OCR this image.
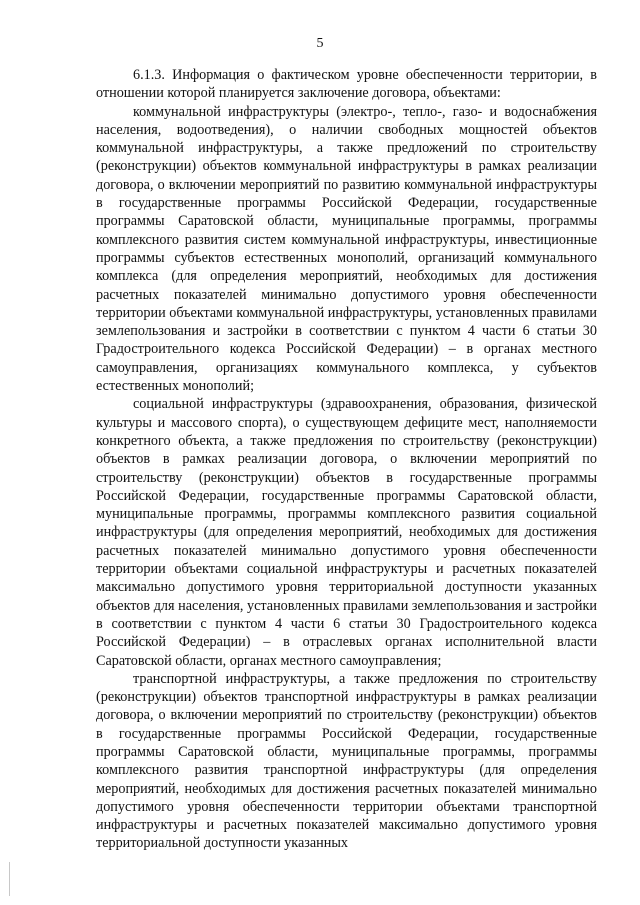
5

6.1.3. Информация о фактическом уровне обеспеченности территории, в отношении которой планируется заключение договора, объектами:

коммунальной инфраструктуры (электро-, тепло-, газо- и водоснабжения населения, водоотведения), о наличии свободных мощностей объектов коммунальной инфраструктуры, а также предложений по строительству (реконструкции) объектов коммунальной инфраструктуры в рамках реализации договора, о включении мероприятий по развитию коммунальной инфраструктуры в государственные программы Российской Федерации, государственные программы Саратовской области, муниципальные программы, программы комплексного развития систем коммунальной инфраструктуры, инвестиционные программы субъектов естественных монополий, организаций коммунального комплекса (для определения мероприятий, необходимых для достижения расчетных показателей минимально допустимого уровня обеспеченности территории объектами коммунальной инфраструктуры, установленных правилами землепользования и застройки в соответствии с пунктом 4 части 6 статьи 30 Градостроительного кодекса Российской Федерации) – в органах местного самоуправления, организациях коммунального комплекса, у субъектов естественных монополий;

социальной инфраструктуры (здравоохранения, образования, физической культуры и массового спорта), о существующем дефиците мест, наполняемости конкретного объекта, а также предложения по строительству (реконструкции) объектов в рамках реализации договора, о включении мероприятий по строительству (реконструкции) объектов в государственные программы Российской Федерации, государственные программы Саратовской области, муниципальные программы, программы комплексного развития социальной инфраструктуры (для определения мероприятий, необходимых для достижения расчетных показателей минимально допустимого уровня обеспеченности территории объектами социальной инфраструктуры и расчетных показателей максимально допустимого уровня территориальной доступности указанных объектов для населения, установленных правилами землепользования и застройки в соответствии с пунктом 4 части 6 статьи 30 Градостроительного кодекса Российской Федерации) – в отраслевых органах исполнительной власти Саратовской области, органах местного самоуправления;

транспортной инфраструктуры, а также предложения по строительству (реконструкции) объектов транспортной инфраструктуры в рамках реализации договора, о включении мероприятий по строительству (реконструкции) объектов в государственные программы Российской Федерации, государственные программы Саратовской области, муниципальные программы, программы комплексного развития транспортной инфраструктуры (для определения мероприятий, необходимых для достижения расчетных показателей минимально допустимого уровня обеспеченности территории объектами транспортной инфраструктуры и расчетных показателей максимально допустимого уровня территориальной доступности указанных
